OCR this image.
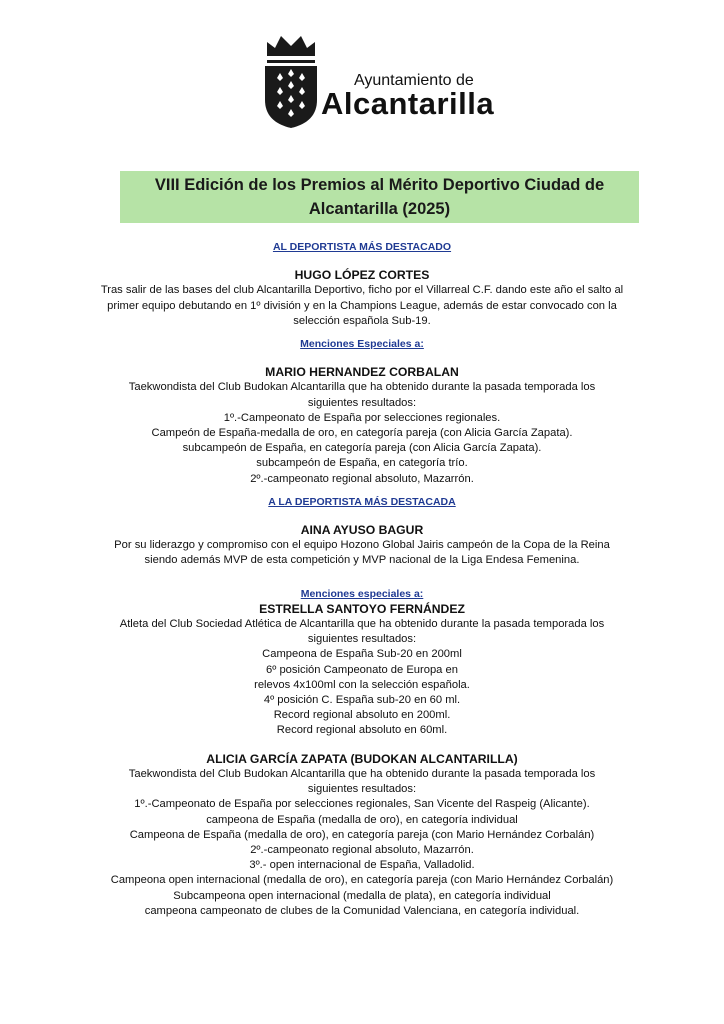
Ayuntamiento de
Alcantarilla
VIII Edición de los Premios al Mérito Deportivo Ciudad de
Alcantarilla (2025)

AL DEPORTISTA MÁS DESTACADO

HUGO LÓPEZ CORTES

Tras salir de las bases del club Alcantarilla Deportivo, ficho por el Villarreal C.F. dando este año el salto al

primer equipo debutando en 1º división y en la Champions League, además de estar convocado con la

selección española Sub-19.

Menciones Especiales a:

MARIO HERNANDEZ CORBALAN

Taekwondista del Club Budokan Alcantarilla que ha obtenido durante la pasada temporada los

siguientes resultados:

1º.-Campeonato de España por selecciones regionales.

Campeón de España-medalla de oro, en categoría pareja (con Alicia García Zapata).

subcampeón de España, en categoría pareja (con Alicia García Zapata).

subcampeón de España, en categoría trío.

2º.-campeonato regional absoluto, Mazarrón.

A LA DEPORTISTA MÁS DESTACADA

AINA AYUSO BAGUR

Por su liderazgo y compromiso con el equipo Hozono Global Jairis campeón de la Copa de la Reina

siendo además MVP de esta competición y MVP nacional de la Liga Endesa Femenina.

Menciones especiales a:

ESTRELLA SANTOYO FERNÁNDEZ

Atleta del Club Sociedad Atlética de Alcantarilla que ha obtenido durante la pasada temporada los

siguientes resultados:

Campeona de España Sub-20 en 200ml

6º posición Campeonato de Europa en

relevos 4x100ml con la selección española.

4º posición C. España sub-20 en 60 ml.

Record regional absoluto en 200ml.

Record regional absoluto en 60ml.

ALICIA GARCÍA ZAPATA (BUDOKAN ALCANTARILLA)

Taekwondista del Club Budokan Alcantarilla que ha obtenido durante la pasada temporada los

siguientes resultados:

1º.-Campeonato de España por selecciones regionales, San Vicente del Raspeig (Alicante).

campeona de España (medalla de oro), en categoría individual

Campeona de España (medalla de oro), en categoría pareja (con Mario Hernández Corbalán)

2º.-campeonato regional absoluto, Mazarrón.

3º.- open internacional de España, Valladolid.

Campeona open internacional (medalla de oro), en categoría pareja (con Mario Hernández Corbalán)

Subcampeona open internacional (medalla de plata), en categoría individual

campeona campeonato de clubes de la Comunidad Valenciana, en categoría individual.
